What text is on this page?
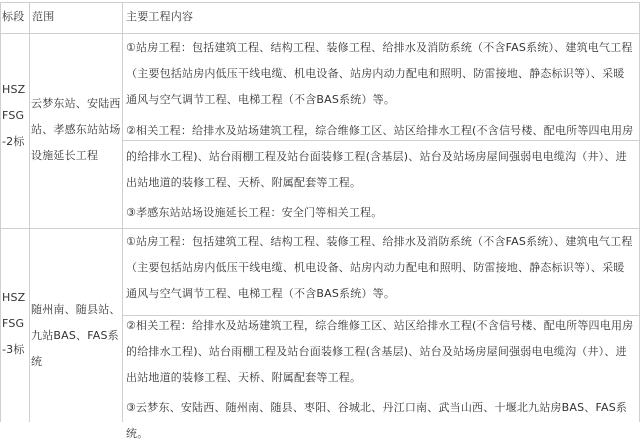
标段 范围	主要工程内容
HSZFSG-2标
云梦东站、安陆西站、孝感东站站场设施延长工程
①站房工程：包括建筑工程、结构工程、装修工程、给排水及消防系统（不含FAS系统）、建筑电气工程（主要包括站房内低压干线电缆、机电设备、站房内动力配电和照明、防雷接地、静态标识等）、采暖通风与空气调节工程、电梯工程（不含BAS系统）等。
②相关工程：给排水及站场建筑工程，综合维修工区、站区给排水工程(不含信号楼、配电所等四电用房的给排水工程)、站台雨棚工程及站台面装修工程(含基层)、站台及站场房屋间强弱电电缆沟（井）、进出站地道的装修工程、天桥、附属配套等工程。
③孝感东站站场设施延长工程：安全门等相关工程。
HSZFSG-3标
随州南、随县站、九站BAS、FAS系统
①站房工程：包括建筑工程、结构工程、装修工程、给排水及消防系统（不含FAS系统）、建筑电气工程（主要包括站房内低压干线电缆、机电设备、站房内动力配电和照明、防雷接地、静态标识等）、采暖通风与空气调节工程、电梯工程（不含BAS系统）等。
②相关工程：给排水及站场建筑工程，综合维修工区、站区给排水工程(不含信号楼、配电所等四电用房的给排水工程)、站台雨棚工程及站台面装修工程(含基层)、站台及站场房屋间强弱电电缆沟（井）、进出站地道的装修工程、天桥、附属配套等工程。
③云梦东、安陆西、随州南、随县、枣阳、谷城北、丹江口南、武当山西、十堰北九站房BAS、FAS系统。
